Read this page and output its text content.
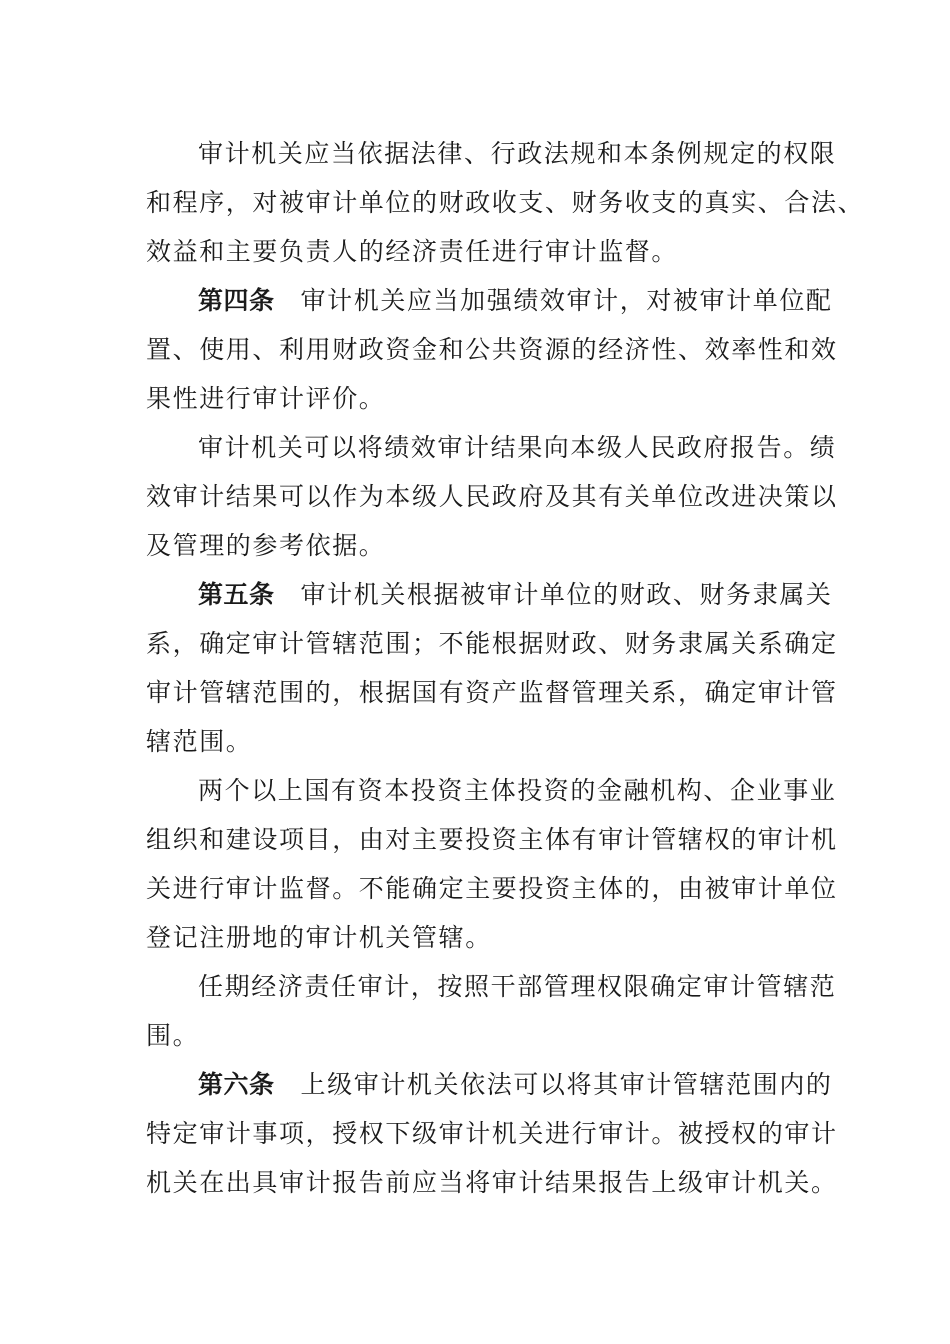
审计机关应当依据法律、行政法规和本条例规定的权限
和程序，对被审计单位的财政收支、财务收支的真实、合法、
效益和主要负责人的经济责任进行审计监督。
第四条 审计机关应当加强绩效审计，对被审计单位配
置、使用、利用财政资金和公共资源的经济性、效率性和效
果性进行审计评价。
审计机关可以将绩效审计结果向本级人民政府报告。绩
效审计结果可以作为本级人民政府及其有关单位改进决策以
及管理的参考依据。
第五条 审计机关根据被审计单位的财政、财务隶属关
系，确定审计管辖范围；不能根据财政、财务隶属关系确定
审计管辖范围的，根据国有资产监督管理关系，确定审计管
辖范围。
两个以上国有资本投资主体投资的金融机构、企业事业
组织和建设项目，由对主要投资主体有审计管辖权的审计机
关进行审计监督。不能确定主要投资主体的，由被审计单位
登记注册地的审计机关管辖。
任期经济责任审计，按照干部管理权限确定审计管辖范
围。
第六条 上级审计机关依法可以将其审计管辖范围内的
特定审计事项，授权下级审计机关进行审计。被授权的审计
机关在出具审计报告前应当将审计结果报告上级审计机关。
